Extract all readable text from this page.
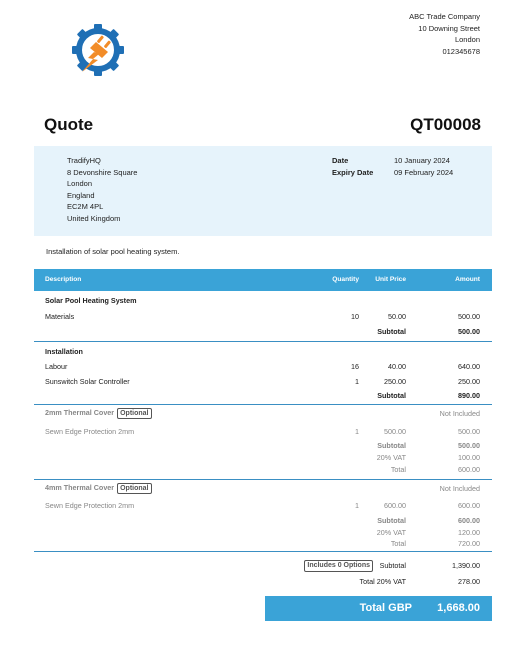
ABC Trade Company
10 Downing Street
London
012345678
Quote	QT00008
TradifyHQ
8 Devonshire Square
London
England
EC2M 4PL
United Kingdom
Date	10 January 2024
Expiry Date	09 February 2024
Installation of solar pool heating system.
Description	Quantity Unit Price	Amount
Solar Pool Heating System
Materials	10	50.00	500.00
Subtotal	500.00
Installation
Labour	16	40.00	640.00
Sunswitch Solar Controller	1	250.00	250.00
Subtotal	890.00
2mm Thermal Cover Optional	Not Included
Sewn Edge Protection 2mm	1	500.00	500.00
Subtotal	500.00
20% VAT	100.00
Total	600.00
4mm Thermal Cover Optional	Not Included
Sewn Edge Protection 2mm	1	600.00	600.00
Subtotal	600.00
20% VAT	120.00
Total	720.00
Includes 0 Options	Subtotal	1,390.00
Total 20% VAT	278.00
Total GBP 1,668.00
